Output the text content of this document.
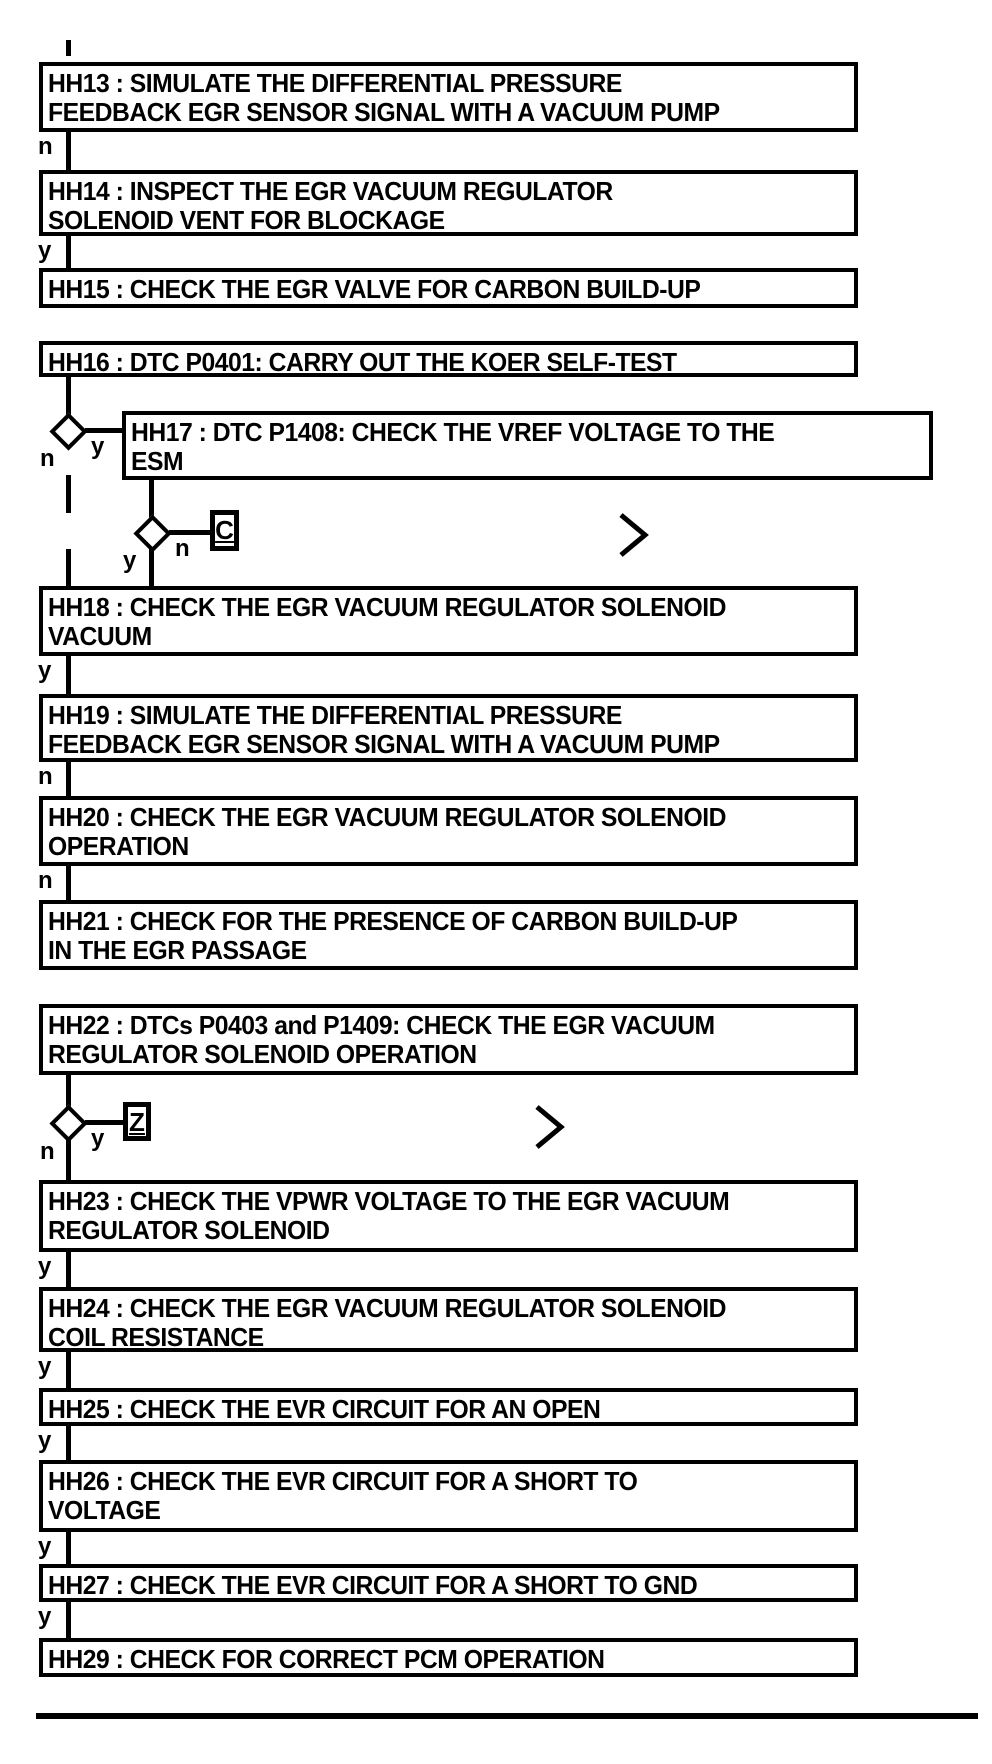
HH13 : SIMULATE THE DIFFERENTIAL PRESSURE
FEEDBACK EGR SENSOR SIGNAL WITH A VACUUM PUMP
n
HH14 : INSPECT THE EGR VACUUM REGULATOR
SOLENOID VENT FOR BLOCKAGE
y
HH15 : CHECK THE EGR VALVE FOR CARBON BUILD-UP
HH16 : DTC P0401: CARRY OUT THE KOER SELF-TEST
n y HH17 : DTC P1408: CHECK THE VREF VOLTAGE TO THE
ESM
y n
C
HH18 : CHECK THE EGR VACUUM REGULATOR SOLENOID
VACUUM
y
HH19 : SIMULATE THE DIFFERENTIAL PRESSURE
FEEDBACK EGR SENSOR SIGNAL WITH A VACUUM PUMP
n
HH20 : CHECK THE EGR VACUUM REGULATOR SOLENOID
OPERATION
n
HH21 : CHECK FOR THE PRESENCE OF CARBON BUILD-UP
IN THE EGR PASSAGE
HH22 : DTCs P0403 and P1409: CHECK THE EGR VACUUM
REGULATOR SOLENOID OPERATION
n y
Z
HH23 : CHECK THE VPWR VOLTAGE TO THE EGR VACUUM
REGULATOR SOLENOID
y
HH24 : CHECK THE EGR VACUUM REGULATOR SOLENOID
COIL RESISTANCE
y
HH25 : CHECK THE EVR CIRCUIT FOR AN OPEN
y
HH26 : CHECK THE EVR CIRCUIT FOR A SHORT TO
VOLTAGE
y
HH27 : CHECK THE EVR CIRCUIT FOR A SHORT TO GND
y
HH29 : CHECK FOR CORRECT PCM OPERATION
